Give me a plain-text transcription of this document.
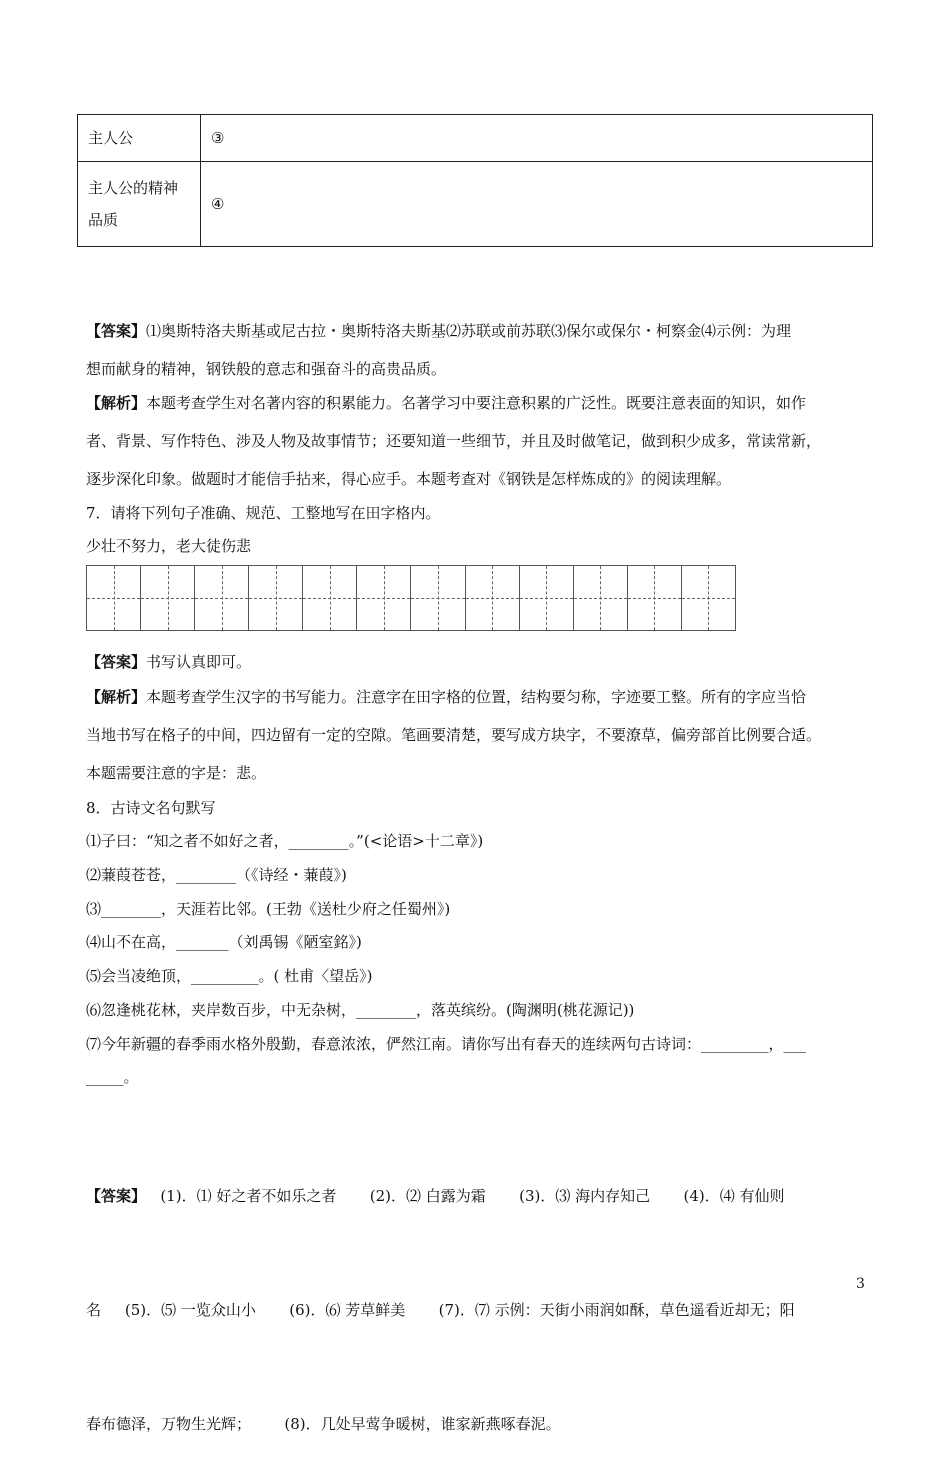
主人公	③

主人公的精神
品质	④
【答案】⑴奥斯特洛夫斯基或尼古拉・奥斯特洛夫斯基⑵苏联或前苏联⑶保尔或保尔・柯察金⑷示例：为理
想而献身的精神，钢铁般的意志和强奋斗的高贵品质。
【解析】本题考查学生对名著内容的积累能力。名著学习中要注意积累的广泛性。既要注意表面的知识，如作
者、背景、写作特色、涉及人物及故事情节；还要知道一些细节，并且及时做笔记，做到积少成多，常读常新，
逐步深化印象。做题时才能信手拈来，得心应手。本题考查对《钢铁是怎样炼成的》的阅读理解。
7．请将下列句子准确、规范、工整地写在田字格内。
少壮不努力，老大徒伤悲
【答案】书写认真即可。
【解析】本题考查学生汉字的书写能力。注意字在田字格的位置，结构要匀称，字迹要工整。所有的字应当恰
当地书写在格子的中间，四边留有一定的空隙。笔画要清楚，要写成方块字，不要潦草，偏旁部首比例要合适。
本题需要注意的字是：悲。
8．古诗文名句默写
⑴子曰：“知之者不如好之者，________。”(<论语>十二章》)
⑵蒹葭苍苍，________（《诗经・蒹葭》)
⑶________，天涯若比邻。(王勃《送杜少府之任蜀州》)
⑷山不在高，_______（刘禹锡《陋室銘》)
⑸会当凌绝顶，_________。( 杜甫〈望岳》)
⑹忽逢桃花林，夹岸数百步，中无杂树，________，落英缤纷。(陶渊明(桃花源记))
⑺今年新疆的春季雨水格外殷勤，春意浓浓，俨然江南。请你写出有春天的连续两句古诗词：_________，___
_____。

【答案】   (1)．⑴ 好之者不如乐之者       (2)．⑵ 白露为霜       (3)．⑶ 海内存知己       (4)．⑷ 有仙则

名     (5)．⑸ 一览众山小       (6)．⑹ 芳草鲜美       (7)．⑺ 示例：天街小雨润如酥，草色遥看近却无；阳

春布德泽，万物生光辉；       (8)．几处早莺争暖树，谁家新燕啄春泥。

3
